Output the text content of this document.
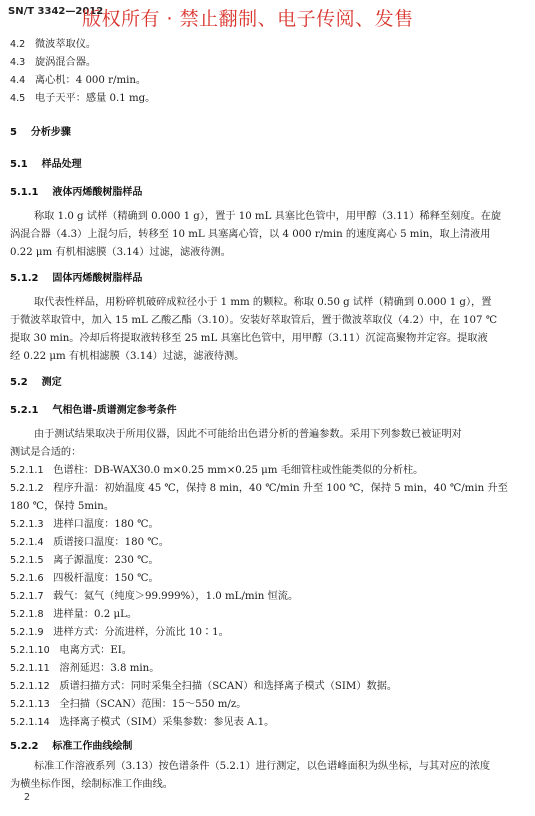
SN/T 3342—2012
版权所有 · 禁止翻制、电子传阅、发售
4.2 微波萃取仪。
4.3 旋涡混合器。
4.4 离心机：4 000 r/min。
4.5 电子天平：感量 0.1 mg。
5 分析步骤
5.1 样品处理
5.1.1 液体丙烯酸树脂样品
称取 1.0 g 试样（精确到 0.000 1 g），置于 10 mL 具塞比色管中，用甲醇（3.11）稀释至刻度。在旋
涡混合器（4.3）上混匀后，转移至 10 mL 具塞离心管，以 4 000 r/min 的速度离心 5 min，取上清液用
0.22 μm 有机相滤膜（3.14）过滤，滤液待测。
5.1.2 固体丙烯酸树脂样品
取代表性样品，用粉碎机破碎成粒径小于 1 mm 的颗粒。称取 0.50 g 试样（精确到 0.000 1 g），置
于微波萃取管中，加入 15 mL 乙酸乙酯（3.10）。安装好萃取管后，置于微波萃取仪（4.2）中，在 107 ℃
提取 30 min。冷却后将提取液转移至 25 mL 具塞比色管中，用甲醇（3.11）沉淀高聚物并定容。提取液
经 0.22 μm 有机相滤膜（3.14）过滤，滤液待测。
5.2 测定
5.2.1 气相色谱-质谱测定参考条件
由于测试结果取决于所用仪器，因此不可能给出色谱分析的普遍参数。采用下列参数已被证明对
测试是合适的：
5.2.1.1 色谱柱：DB-WAX30.0 m×0.25 mm×0.25 μm 毛细管柱或性能类似的分析柱。
5.2.1.2 程序升温：初始温度 45 ℃，保持 8 min，40 ℃/min 升至 100 ℃，保持 5 min，40 ℃/min 升至
180 ℃，保持 5min。
5.2.1.3 进样口温度：180 ℃。
5.2.1.4 质谱接口温度：180 ℃。
5.2.1.5 离子源温度：230 ℃。
5.2.1.6 四极杆温度：150 ℃。
5.2.1.7 载气：氦气（纯度＞99.999%），1.0 mL/min 恒流。
5.2.1.8 进样量：0.2 μL。
5.2.1.9 进样方式：分流进样，分流比 10∶1。
5.2.1.10 电离方式：EI。
5.2.1.11 溶剂延迟：3.8 min。
5.2.1.12 质谱扫描方式：同时采集全扫描（SCAN）和选择离子模式（SIM）数据。
5.2.1.13 全扫描（SCAN）范围：15～550 m/z。
5.2.1.14 选择离子模式（SIM）采集参数：参见表 A.1。
5.2.2 标准工作曲线绘制
标准工作溶液系列（3.13）按色谱条件（5.2.1）进行测定，以色谱峰面积为纵坐标，与其对应的浓度
为横坐标作图，绘制标准工作曲线。
2
